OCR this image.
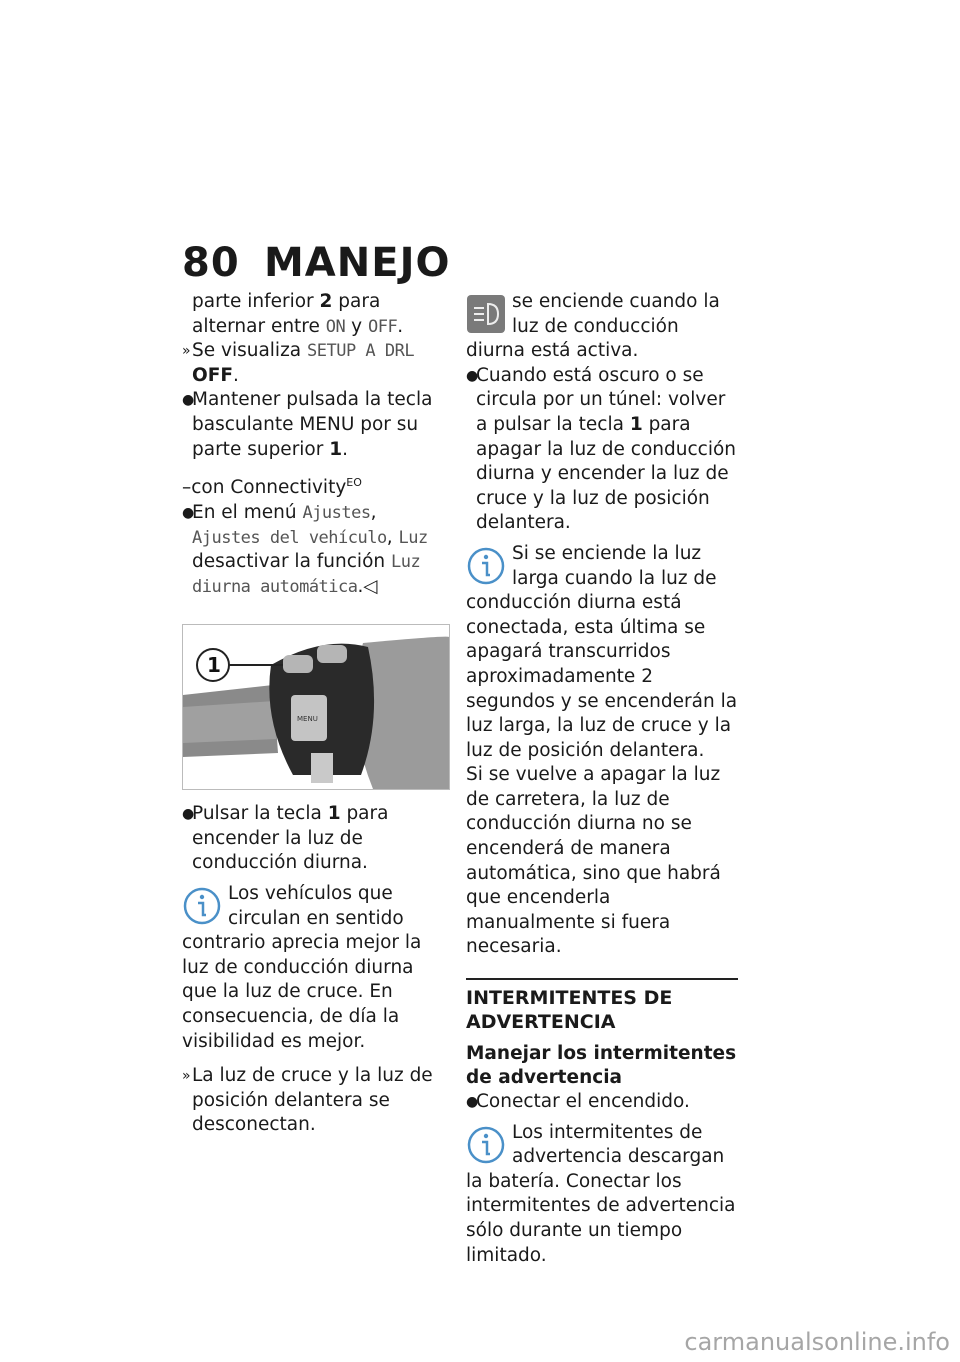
80 MANEJO

parte inferior 2 para alternar entre ON y OFF.

» Se visualiza SETUP A DRL
OFF.

●
Mantener pulsada la tecla basculante MENU por su parte superior 1.

–con Connectivity$^{EO}$

●
En el menú Ajustes, Ajustes del vehículo, Luz desactivar la función Luz diurna automática.◁

MENU
1

●
Pulsar la tecla 1 para encender la luz de conducción diurna.

Los vehículos que circulan en sentido contrario aprecia mejor la luz de conducción diurna que la luz de cruce. En consecuencia, de día la visibilidad es mejor.

» La luz de cruce y la luz de posición delantera se desconectan.

se enciende cuando la luz de conducción diurna está activa.

●
Cuando está oscuro o se circula por un túnel: volver a pulsar la tecla 1 para apagar la luz de conducción diurna y encender la luz de cruce y la luz de posición delantera.

Si se enciende la luz larga cuando la luz de conducción diurna está conectada, esta última se apagará transcurridos aproximadamente 2 segundos y se encenderán la luz larga, la luz de cruce y la luz de posición delantera.

Si se vuelve a apagar la luz de carretera, la luz de conducción diurna no se encenderá de manera automática, sino que habrá que encenderla manualmente si fuera necesaria.

INTERMITENTES DE ADVERTENCIA
Manejar los intermitentes de advertencia

●
Conectar el encendido.

Los intermitentes de advertencia descargan la batería. Conectar los intermitentes de advertencia sólo durante un tiempo limitado.

carmanualsonline.info
